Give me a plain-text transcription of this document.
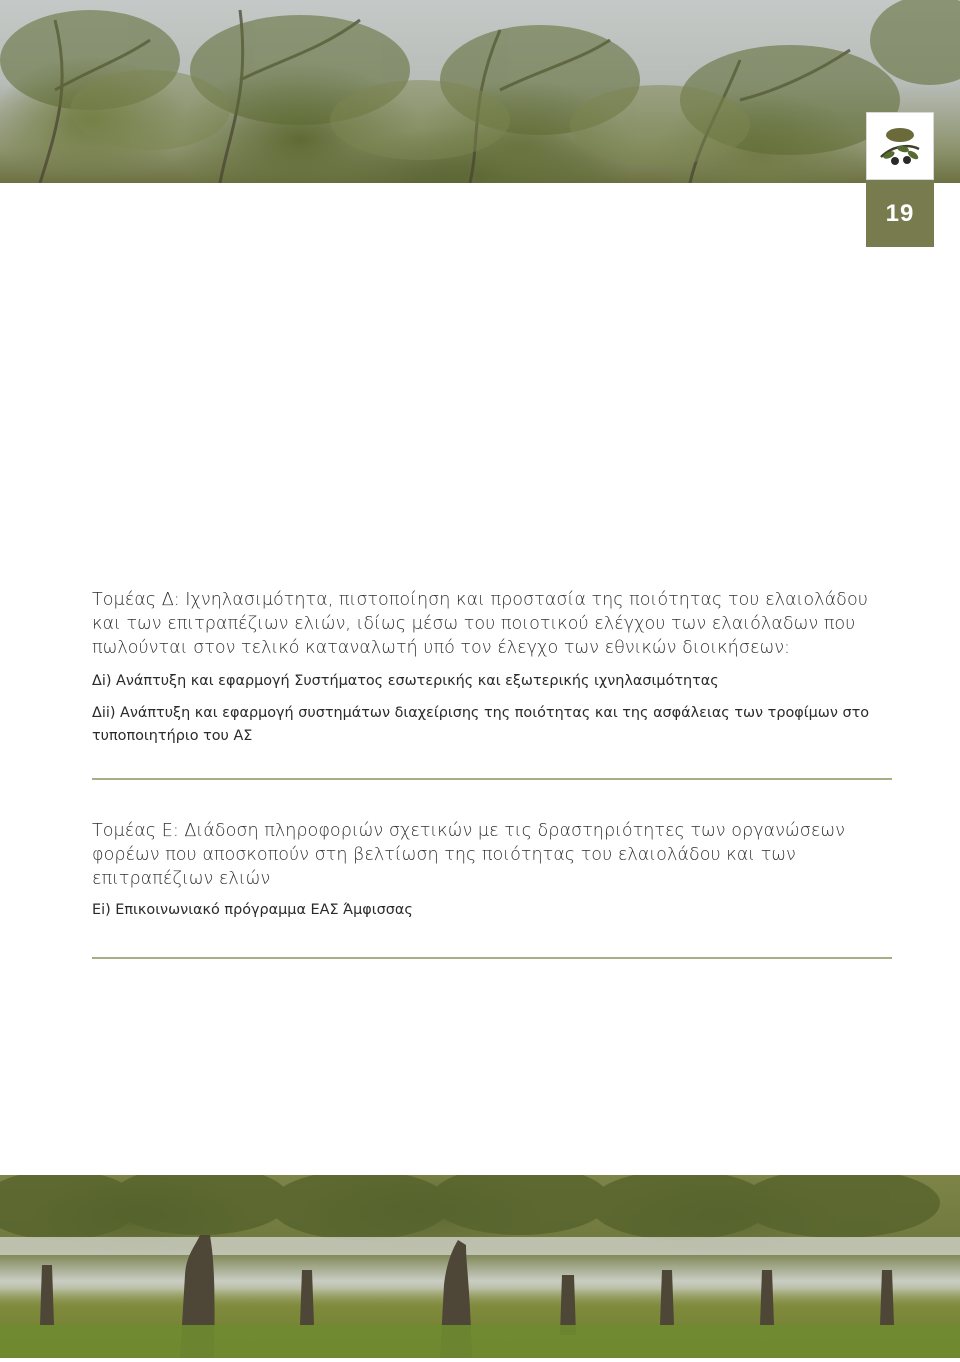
19

Τομέας Δ: Ιχνηλασιμότητα, πιστοποίηση και προστασία της ποιότητας του ελαιολάδου και των επιτραπέζιων ελιών, ιδίως μέσω του ποιοτικού ελέγχου των ελαιόλαδων που πωλούνται στον τελικό καταναλωτή υπό τον έλεγχο των εθνικών διοικήσεων:

Δi) Ανάπτυξη και εφαρμογή Συστήματος εσωτερικής και εξωτερικής ιχνηλασιμότητας

Δii) Ανάπτυξη και εφαρμογή συστημάτων διαχείρισης της ποιότητας και της ασφάλειας των τροφίμων στο τυποποιητήριο του ΑΣ

Τομέας Ε: Διάδοση πληροφοριών σχετικών με τις δραστηριότητες των οργανώσεων φορέων που αποσκοπούν στη βελτίωση της ποιότητας του ελαιολάδου και των επιτραπέζιων ελιών

Ei) Επικοινωνιακό πρόγραμμα ΕΑΣ Άμφισσας
